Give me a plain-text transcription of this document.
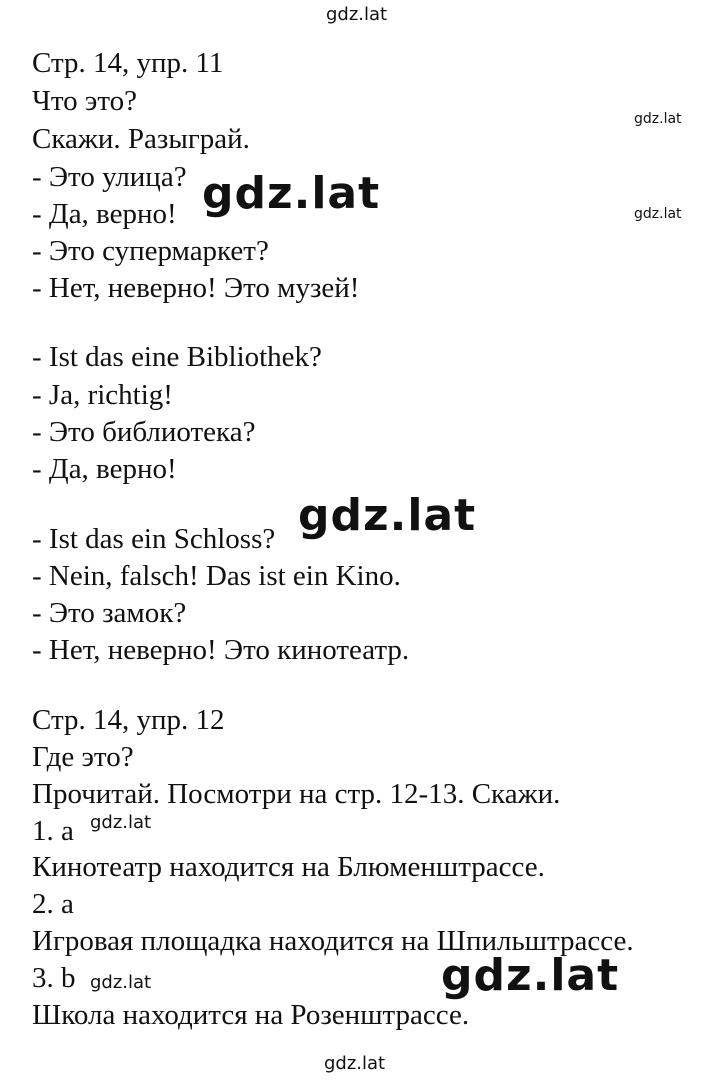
gdz.lat

Стр. 14, упр. 11

Что это?

Скажи. Разыграй.

gdz.lat

- Это улица?

- Да, верно!

- Это супермаркет?

- Нет, неверно! Это музей!

gdz.lat	gdz.lat

- Ist das eine Bibliothek?

- Ja, richtig!

- Это библиотека?

- Да, верно!

- Ist das ein Schloss?

- Nein, falsch! Das ist ein Kino.

- Это замок?

- Нет, неверно! Это кинотеатр.

gdz.lat

Стр. 14, упр. 12

Где это?

Прочитай. Посмотри на стр. 12-13. Скажи.

1. a gdz.lat

Кинотеатр находится на Блюменштрассе.

2. a

Игровая площадка находится на Шпильштрассе.

3. b gdz.lat

Школа находится на Розенштрассе.

gdz.lat
gdz.lat
